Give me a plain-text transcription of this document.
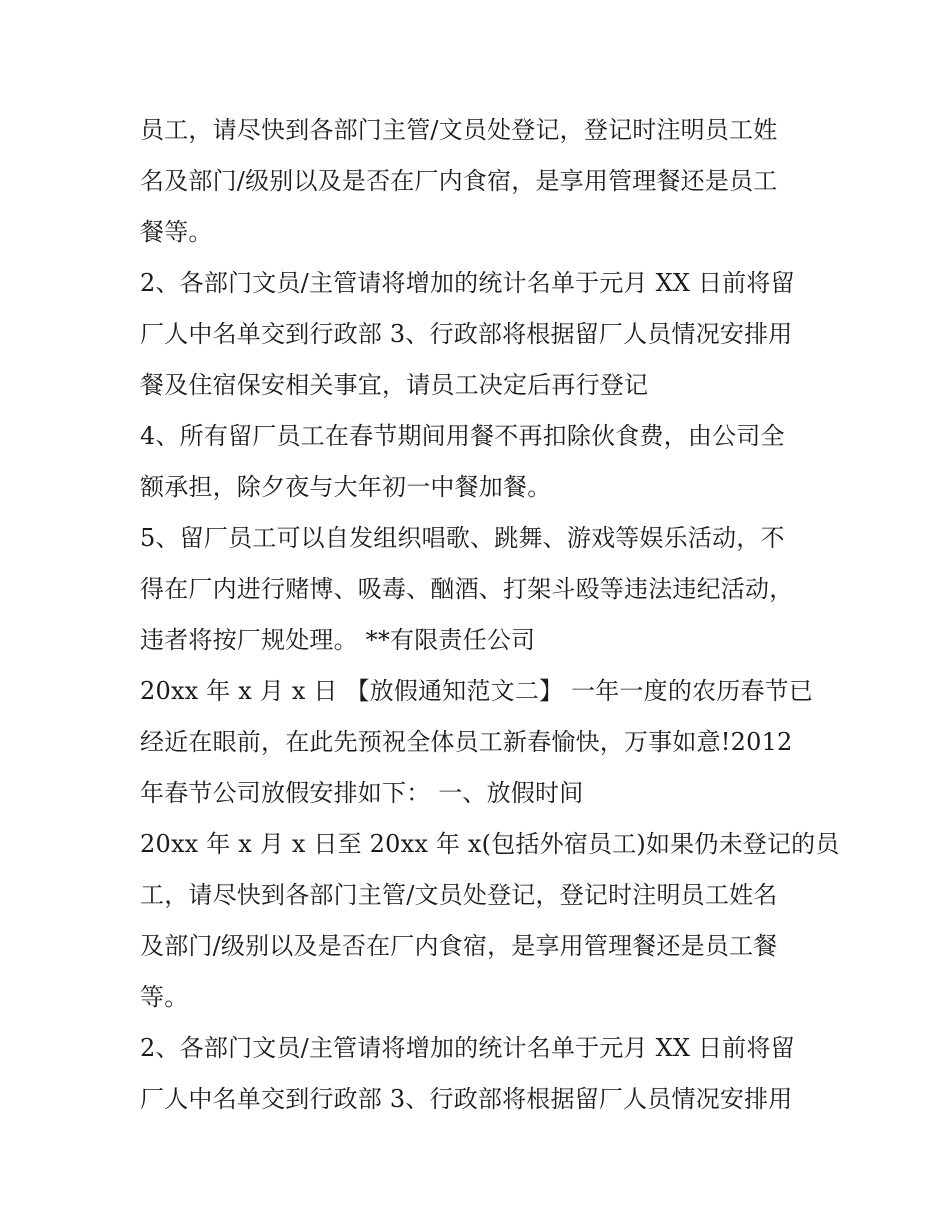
员工，请尽快到各部门主管/文员处登记，登记时注明员工姓
名及部门/级别以及是否在厂内食宿，是享用管理餐还是员工
餐等。
2、各部门文员/主管请将增加的统计名单于元月 XX 日前将留
厂人中名单交到行政部 3、行政部将根据留厂人员情况安排用
餐及住宿保安相关事宜，请员工决定后再行登记
4、所有留厂员工在春节期间用餐不再扣除伙食费，由公司全
额承担，除夕夜与大年初一中餐加餐。
5、留厂员工可以自发组织唱歌、跳舞、游戏等娱乐活动，不
得在厂内进行赌博、吸毒、酗酒、打架斗殴等违法违纪活动，
违者将按厂规处理。 **有限责任公司
20xx 年 x 月 x 日 【放假通知范文二】 一年一度的农历春节已
经近在眼前，在此先预祝全体员工新春愉快，万事如意!2012
年春节公司放假安排如下： 一、放假时间
20xx 年 x 月 x 日至 20xx 年 x(包括外宿员工)如果仍未登记的员
工，请尽快到各部门主管/文员处登记，登记时注明员工姓名
及部门/级别以及是否在厂内食宿，是享用管理餐还是员工餐
等。
2、各部门文员/主管请将增加的统计名单于元月 XX 日前将留
厂人中名单交到行政部 3、行政部将根据留厂人员情况安排用
